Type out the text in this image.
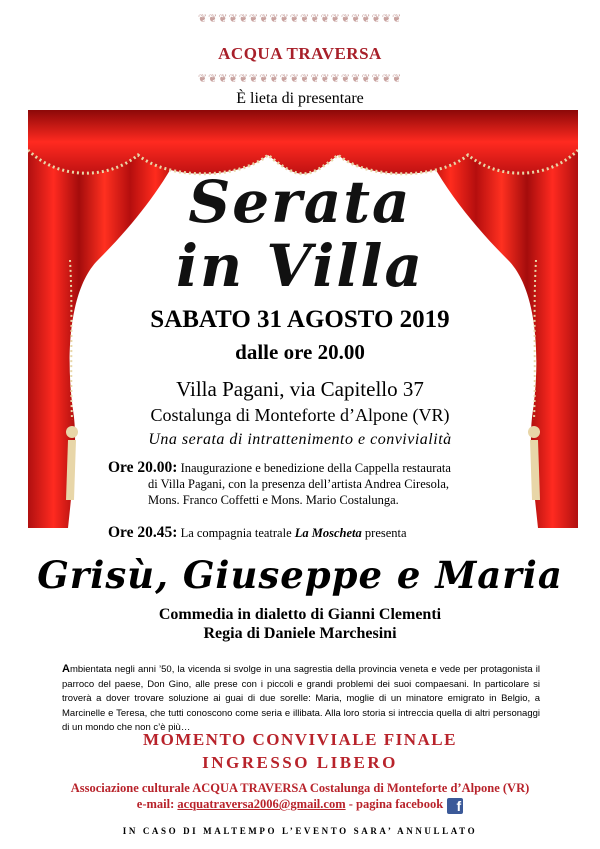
❦❦❦❦❦❦❦❦❦❦❦❦❦❦❦❦❦❦❦❦
ACQUA TRAVERSA
❦❦❦❦❦❦❦❦❦❦❦❦❦❦❦❦❦❦❦❦
È lieta di presentare
Serata
in Villa
SABATO 31 AGOSTO 2019
dalle ore 20.00
Villa Pagani, via Capitello 37
Costalunga di Monteforte d’Alpone (VR)
Una serata di intrattenimento e convivialità
Ore 20.00: Inaugurazione e benedizione della Cappella restaurata
di Villa Pagani, con la presenza dell’artista Andrea Ciresola,
Mons. Franco Coffetti e Mons. Mario Costalunga.
Ore 20.45: La compagnia teatrale La Moscheta presenta
Grisù, Giuseppe e Maria
Commedia in dialetto di Gianni Clementi
Regia di Daniele Marchesini
Ambientata negli anni ’50, la vicenda si svolge in una sagrestia della provincia veneta e vede per protagonista il parroco del paese, Don Gino, alle prese con i piccoli e grandi problemi dei suoi compaesani. In particolare si troverà a dover trovare soluzione ai guai di due sorelle: Maria, moglie di un minatore emigrato in Belgio, a Marcinelle e Teresa, che tutti conoscono come seria e illibata. Alla loro storia si intreccia quella di altri personaggi di un mondo che non c’è più…
MOMENTO CONVIVIALE FINALE
INGRESSO LIBERO
Associazione culturale ACQUA TRAVERSA Costalunga di Monteforte d’Alpone (VR)
e-mail: acquatraversa2006@gmail.com - pagina facebook f
IN CASO DI MALTEMPO L’EVENTO SARA’ ANNULLATO
